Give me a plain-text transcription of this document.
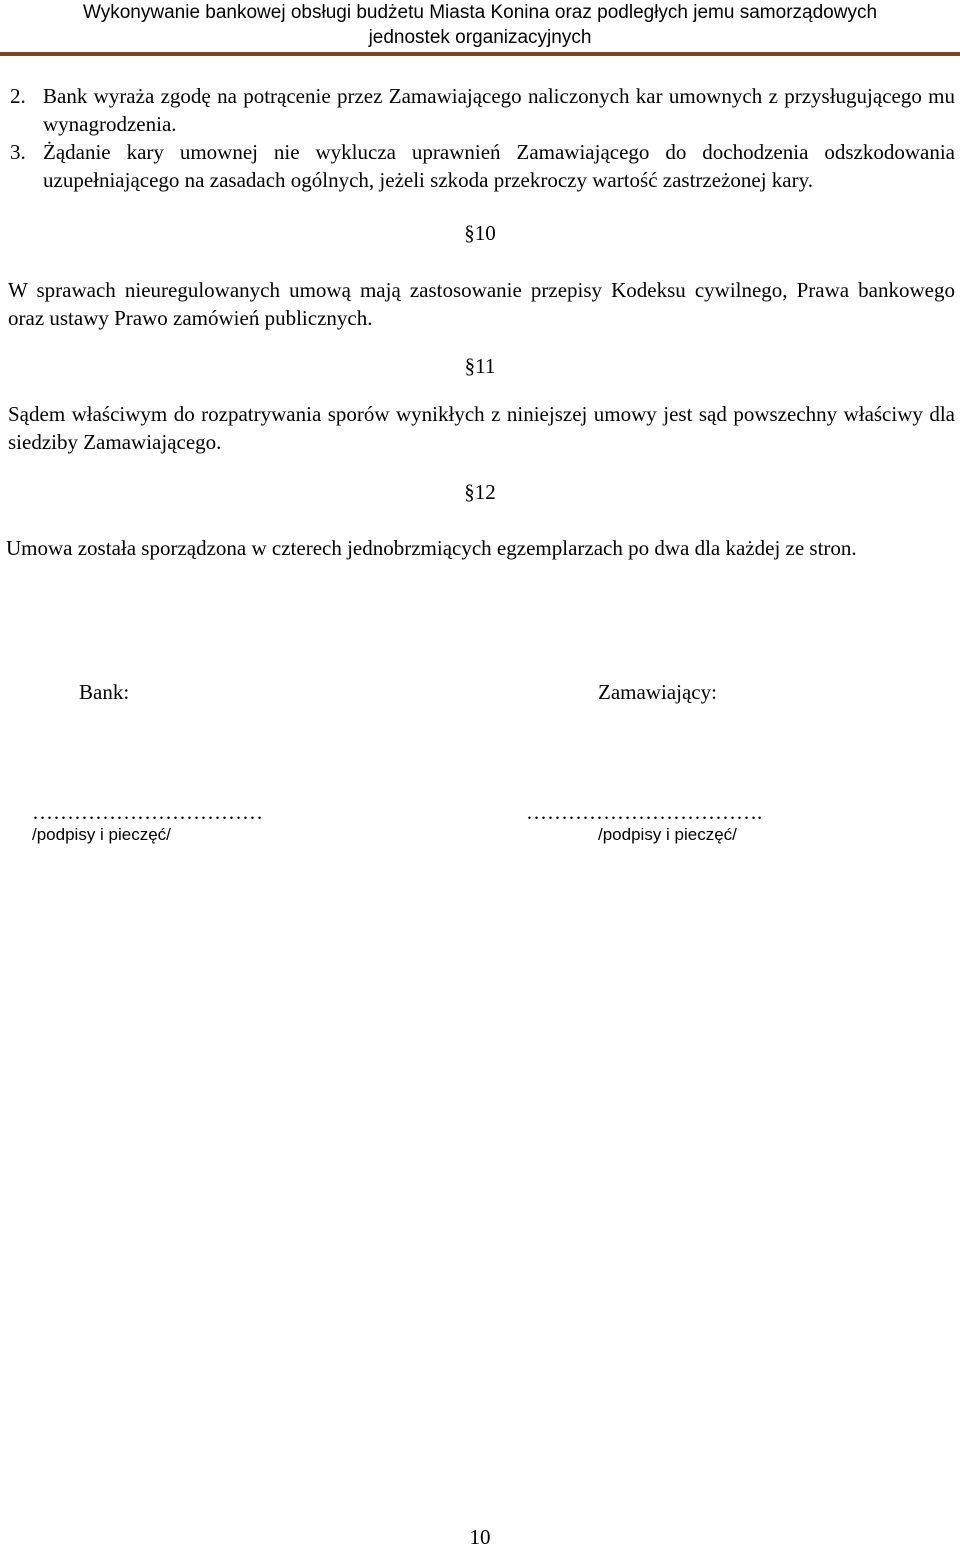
Wykonywanie bankowej obsługi budżetu Miasta Konina oraz podległych jemu samorządowych
jednostek organizacyjnych
2. Bank wyraża zgodę na potrącenie przez Zamawiającego naliczonych kar umownych z przysługującego mu wynagrodzenia.
3. Żądanie kary umownej nie wyklucza uprawnień Zamawiającego do dochodzenia odszkodowania uzupełniającego na zasadach ogólnych, jeżeli szkoda przekroczy wartość zastrzeżonej kary.
§10
W sprawach nieuregulowanych umową mają zastosowanie przepisy Kodeksu cywilnego, Prawa bankowego oraz ustawy Prawo zamówień publicznych.
§11
Sądem właściwym do rozpatrywania sporów wynikłych z niniejszej umowy jest sąd powszechny właściwy dla siedziby Zamawiającego.
§12
Umowa została sporządzona w czterech jednobrzmiących egzemplarzach po dwa dla każdej ze stron.
Bank:	Zamawiający:
……………………………	…………………………….
/podpisy i pieczęć/	/podpisy i pieczęć/
10
